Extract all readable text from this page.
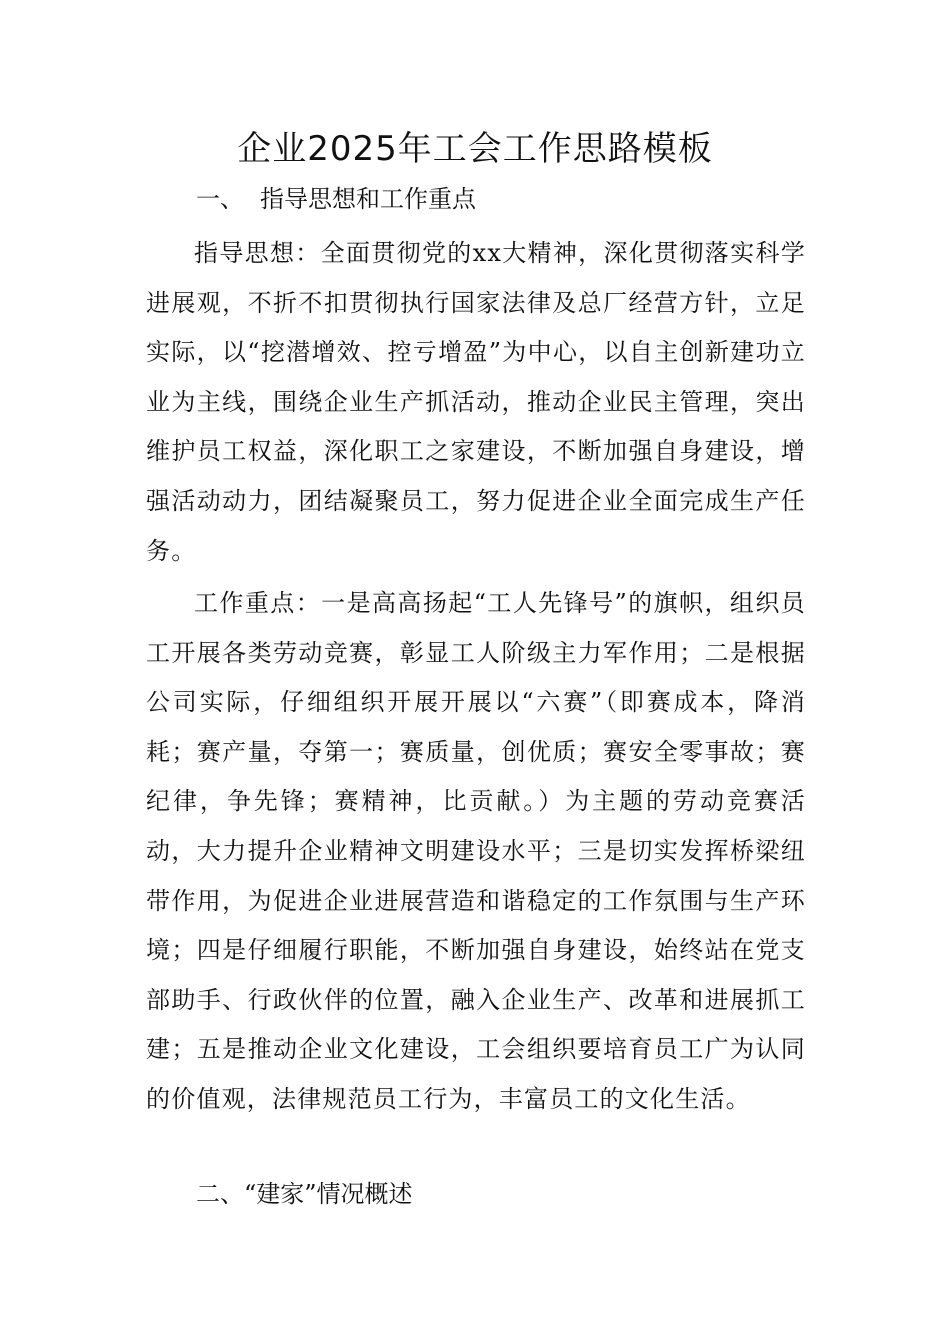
企业2025年工会工作思路模板

一、 指导思想和工作重点

指导思想：全面贯彻党的xx大精神，深化贯彻落实科学进展观，不折不扣贯彻执行国家法律及总厂经营方针，立足实际，以“挖潜增效、控亏增盈”为中心，以自主创新建功立业为主线，围绕企业生产抓活动，推动企业民主管理，突出维护员工权益，深化职工之家建设，不断加强自身建设，增强活动动力，团结凝聚员工，努力促进企业全面完成生产任务。

工作重点：一是高高扬起“工人先锋号”的旗帜，组织员工开展各类劳动竞赛，彰显工人阶级主力军作用；二是根据公司实际，仔细组织开展开展以“六赛”（即赛成本，降消耗；赛产量，夺第一；赛质量，创优质；赛安全零事故；赛纪律，争先锋；赛精神，比贡献。）为主题的劳动竞赛活动，大力提升企业精神文明建设水平；三是切实发挥桥梁纽带作用，为促进企业进展营造和谐稳定的工作氛围与生产环境；四是仔细履行职能，不断加强自身建设，始终站在党支部助手、行政伙伴的位置，融入企业生产、改革和进展抓工建；五是推动企业文化建设，工会组织要培育员工广为认同的价值观，法律规范员工行为，丰富员工的文化生活。

二、“建家”情况概述
